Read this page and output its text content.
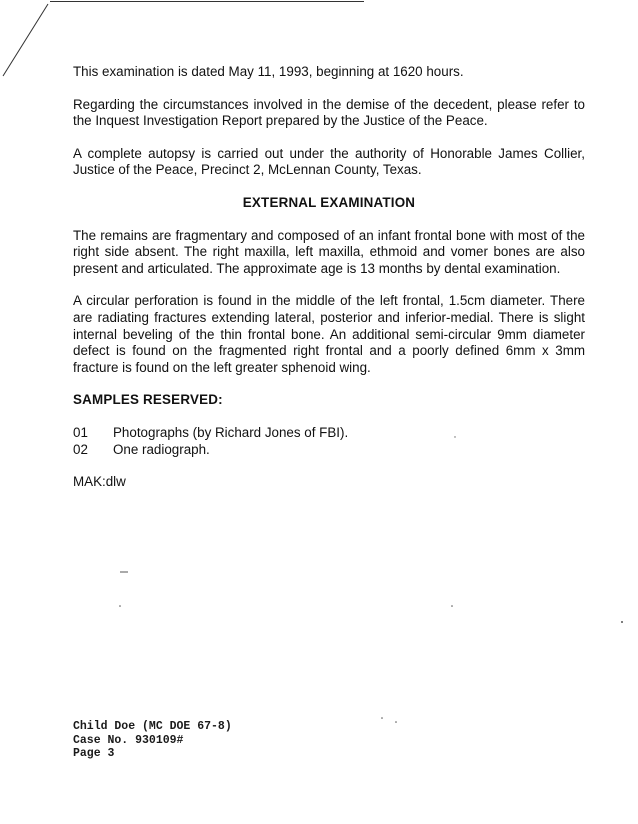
This examination is dated May 11, 1993, beginning at 1620 hours.

Regarding the circumstances involved in the demise of the decedent, please refer to the Inquest Investigation Report prepared by the Justice of the Peace.

A complete autopsy is carried out under the authority of Honorable James Collier, Justice of the Peace, Precinct 2, McLennan County, Texas.

EXTERNAL EXAMINATION

The remains are fragmentary and composed of an infant frontal bone with most of the right side absent. The right maxilla, left maxilla, ethmoid and vomer bones are also present and articulated. The approximate age is 13 months by dental examination.

A circular perforation is found in the middle of the left frontal, 1.5cm diameter. There are radiating fractures extending lateral, posterior and inferior-medial. There is slight internal beveling of the thin frontal bone. An additional semi-circular 9mm diameter defect is found on the fragmented right frontal and a poorly defined 6mm x 3mm fracture is found on the left greater sphenoid wing.

SAMPLES RESERVED:
01	Photographs (by Richard Jones of FBI).
02	One radiograph.

MAK:dlw

Child Doe (MC DOE 67-8)
Case No. 930109#
Page 3
